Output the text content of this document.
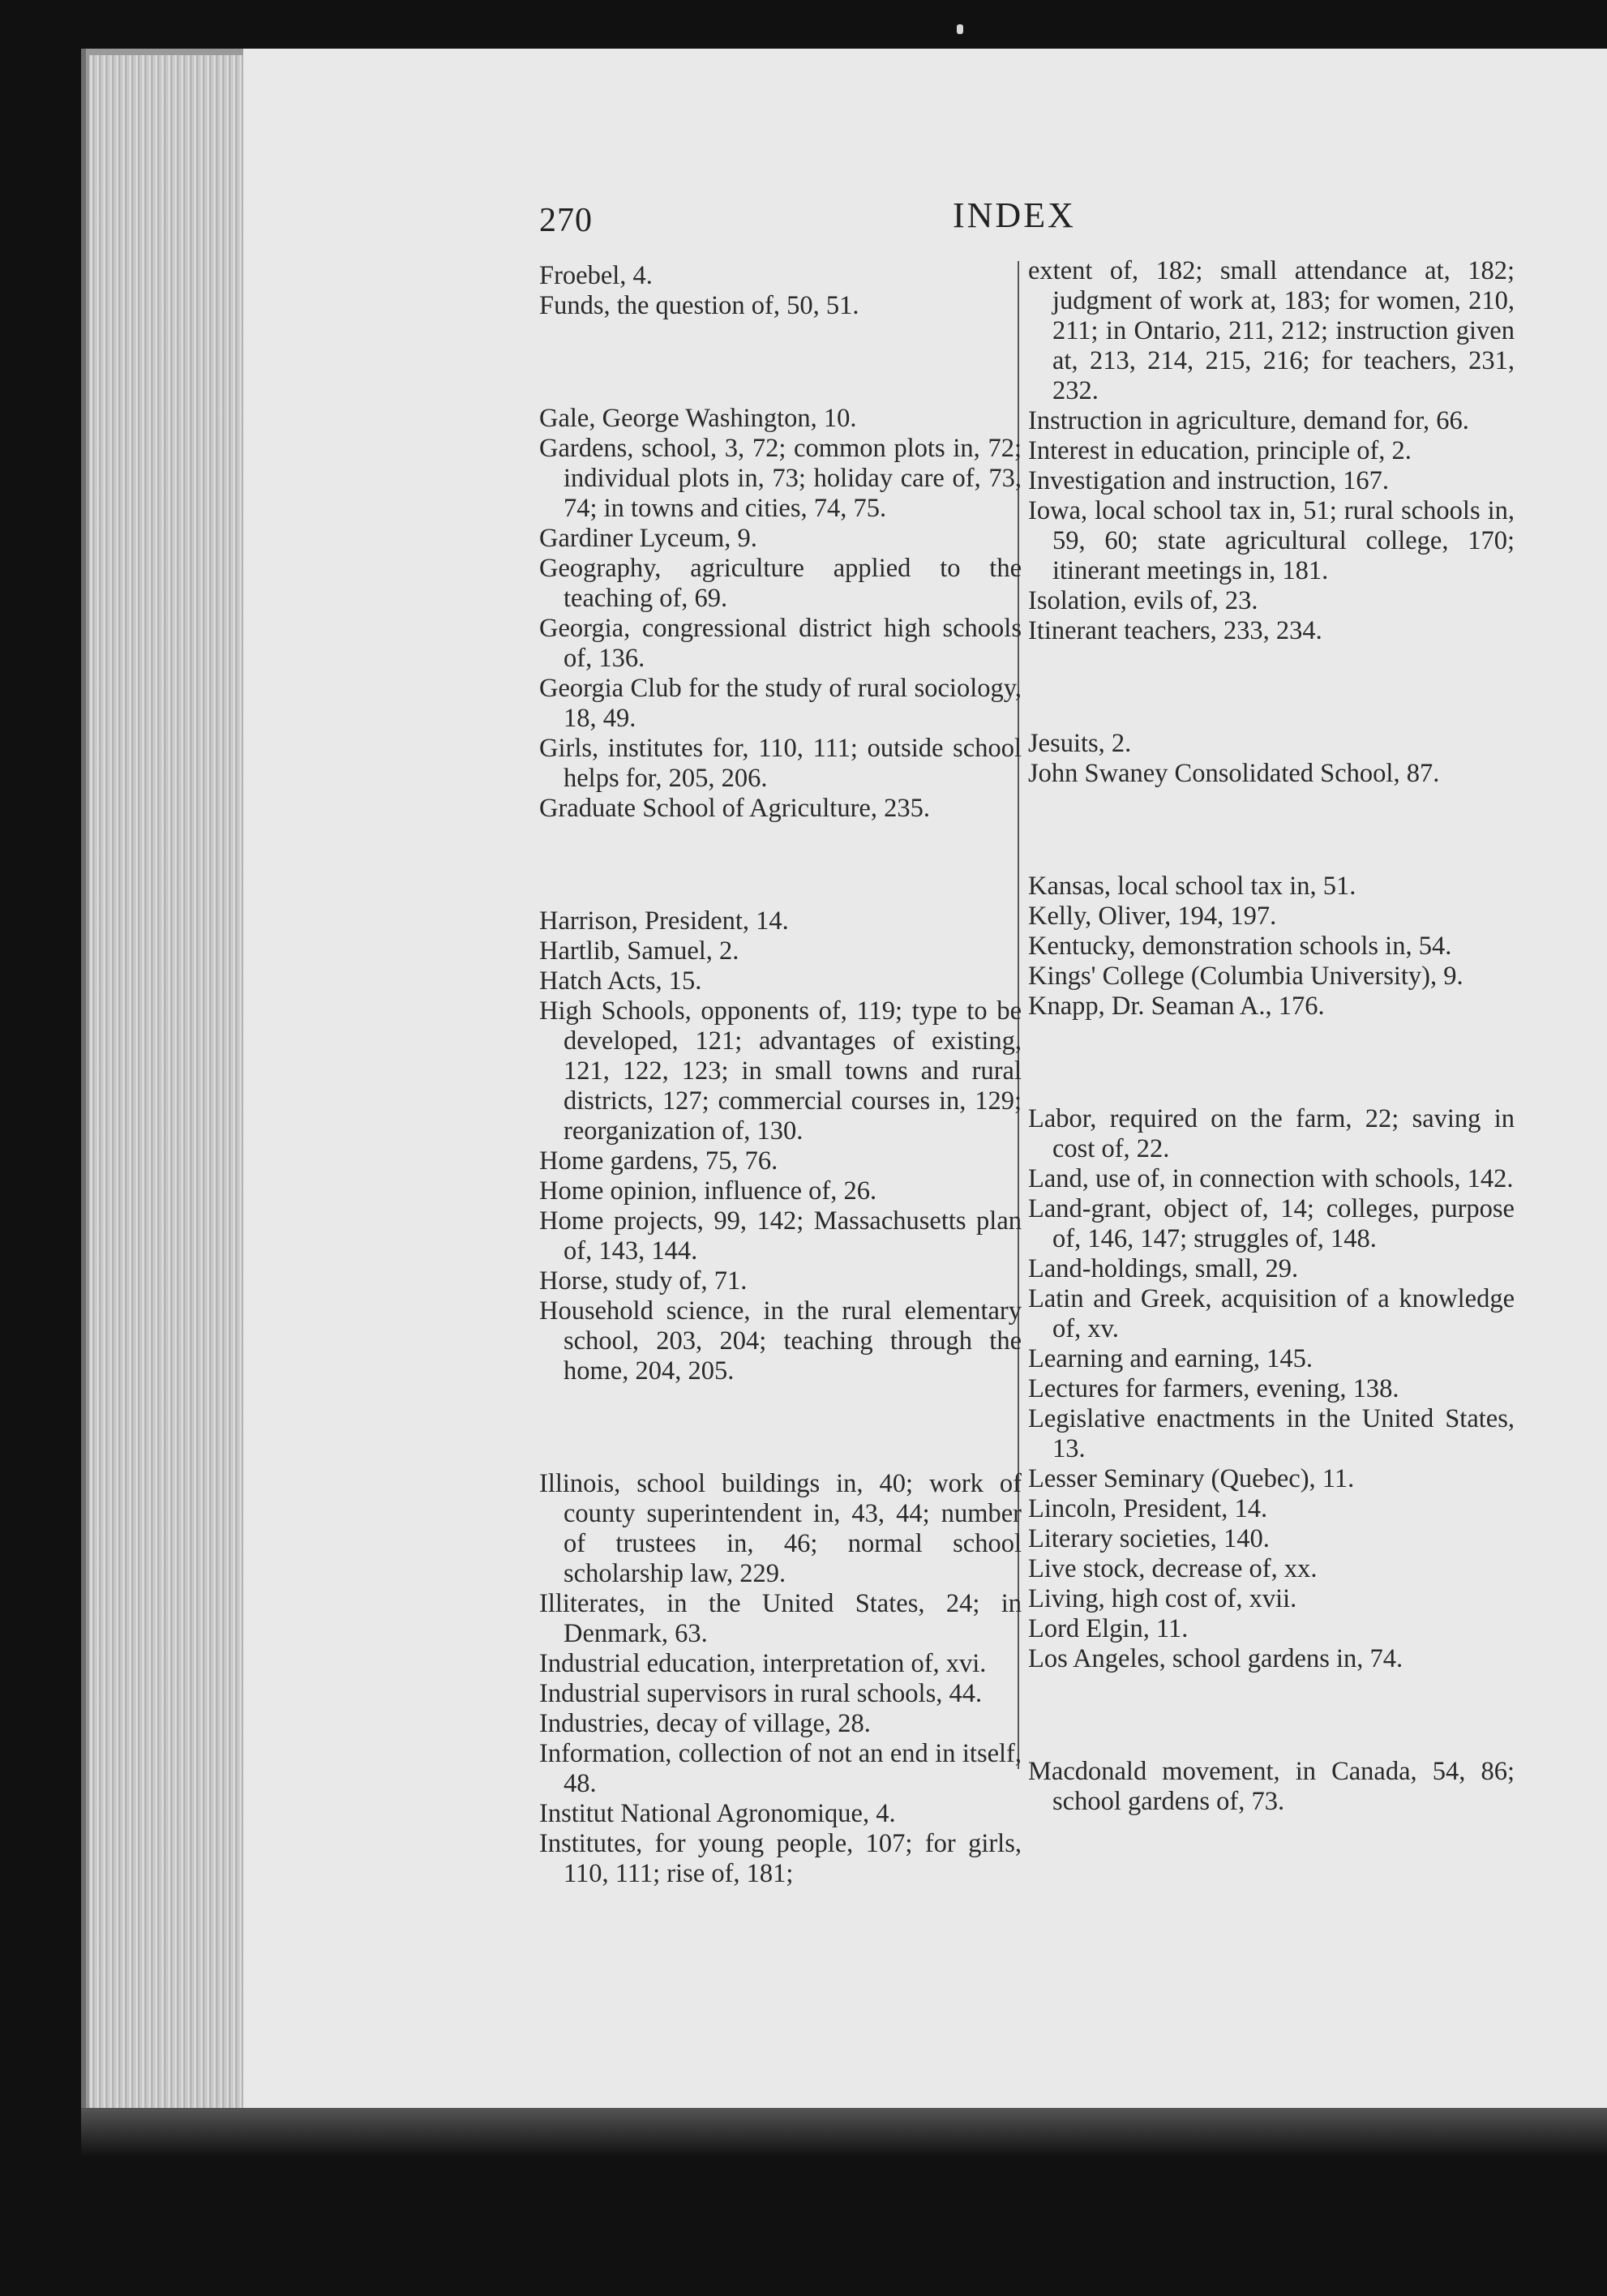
270	INDEX

Froebel, 4.

Funds, the question of, 50, 51.

Gale, George Washington, 10.

Gardens, school, 3, 72; common plots in, 72; individual plots in, 73; holiday care of, 73, 74; in towns and cities, 74, 75.

Gardiner Lyceum, 9.

Geography, agriculture applied to the teaching of, 69.

Georgia, congressional district high schools of, 136.

Georgia Club for the study of rural sociology, 18, 49.

Girls, institutes for, 110, 111; outside school helps for, 205, 206.

Graduate School of Agriculture, 235.

Harrison, President, 14.

Hartlib, Samuel, 2.

Hatch Acts, 15.

High Schools, opponents of, 119; type to be developed, 121; advantages of existing, 121, 122, 123; in small towns and rural districts, 127; commercial courses in, 129; reorganization of, 130.

Home gardens, 75, 76.

Home opinion, influence of, 26.

Home projects, 99, 142; Massachusetts plan of, 143, 144.

Horse, study of, 71.

Household science, in the rural elementary school, 203, 204; teaching through the home, 204, 205.

Illinois, school buildings in, 40; work of county superintendent in, 43, 44; number of trustees in, 46; normal school scholarship law, 229.

Illiterates, in the United States, 24; in Denmark, 63.

Industrial education, interpretation of, xvi.

Industrial supervisors in rural schools, 44.

Industries, decay of village, 28.

Information, collection of not an end in itself, 48.

Institut National Agronomique, 4.

Institutes, for young people, 107; for girls, 110, 111; rise of, 181;

extent of, 182; small attendance at, 182; judgment of work at, 183; for women, 210, 211; in Ontario, 211, 212; instruction given at, 213, 214, 215, 216; for teachers, 231, 232.

Instruction in agriculture, demand for, 66.

Interest in education, principle of, 2.

Investigation and instruction, 167.

Iowa, local school tax in, 51; rural schools in, 59, 60; state agricultural college, 170; itinerant meetings in, 181.

Isolation, evils of, 23.

Itinerant teachers, 233, 234.

Jesuits, 2.

John Swaney Consolidated School, 87.

Kansas, local school tax in, 51.

Kelly, Oliver, 194, 197.

Kentucky, demonstration schools in, 54.

Kings' College (Columbia University), 9.

Knapp, Dr. Seaman A., 176.

Labor, required on the farm, 22; saving in cost of, 22.

Land, use of, in connection with schools, 142.

Land-grant, object of, 14; colleges, purpose of, 146, 147; struggles of, 148.

Land-holdings, small, 29.

Latin and Greek, acquisition of a knowledge of, xv.

Learning and earning, 145.

Lectures for farmers, evening, 138.

Legislative enactments in the United States, 13.

Lesser Seminary (Quebec), 11.

Lincoln, President, 14.

Literary societies, 140.

Live stock, decrease of, xx.

Living, high cost of, xvii.

Lord Elgin, 11.

Los Angeles, school gardens in, 74.

Macdonald movement, in Canada, 54, 86; school gardens of, 73.
